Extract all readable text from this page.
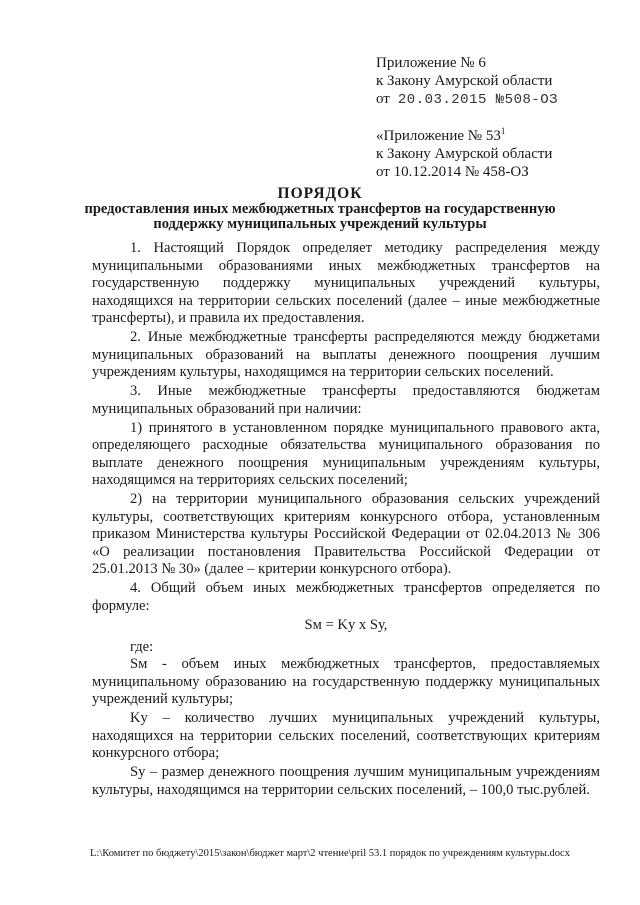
Приложение № 6
к Закону Амурской области
от 20.03.2015 №508-ОЗ
«Приложение № $53^1$
к Закону Амурской области
от 10.12.2014 № 458-ОЗ
ПОРЯДОК
предоставления иных межбюджетных трансфертов на государственную
поддержку муниципальных учреждений культуры

1. Настоящий Порядок определяет методику распределения между муниципальными образованиями иных межбюджетных трансфертов на государственную поддержку муниципальных учреждений культуры, находящихся на территории сельских поселений (далее – иные межбюджетные трансферты), и правила их предоставления.

2. Иные межбюджетные трансферты распределяются между бюджетами муниципальных образований на выплаты денежного поощрения лучшим учреждениям культуры, находящимся на территории сельских поселений.

3. Иные межбюджетные трансферты предоставляются бюджетам муниципальных образований при наличии:

1) принятого в установленном порядке муниципального правового акта, определяющего расходные обязательства муниципального образования по выплате денежного поощрения муниципальным учреждениям культуры, находящимся на территориях сельских поселений;

2) на территории муниципального образования сельских учреждений культуры, соответствующих критериям конкурсного отбора, установленным приказом Министерства культуры Российской Федерации от 02.04.2013 № 306 «О реализации постановления Правительства Российской Федерации от 25.01.2013 № 30» (далее – критерии конкурсного отбора).

4. Общий объем иных межбюджетных трансфертов определяется по формуле:

Sм = Kу х Sу,

где:

Sм - объем иных межбюджетных трансфертов, предоставляемых муниципальному образованию на государственную поддержку муниципальных учреждений культуры;

Kу – количество лучших муниципальных учреждений культуры, находящихся на территории сельских поселений, соответствующих критериям конкурсного отбора;

Sу – размер денежного поощрения лучшим муниципальным учреждениям культуры, находящимся на территории сельских поселений, – 100,0 тыс.рублей.

L:\Комитет по бюджету\2015\закон\бюджет март\2 чтение\pril 53.1 порядок по учреждениям культуры.docx
